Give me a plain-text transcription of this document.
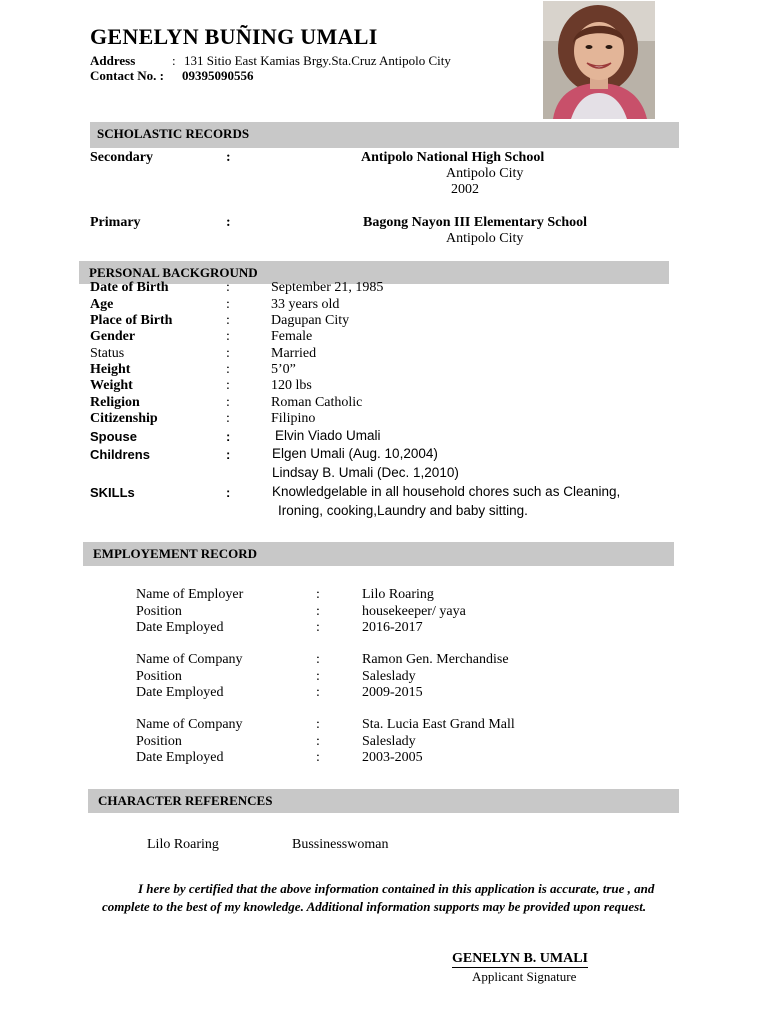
GENELYN BUÑING UMALI
Address	: 131 Sitio East Kamias Brgy.Sta.Cruz Antipolo City
Contact No. : 09395090556
SCHOLASTIC RECORDS
Secondary	:	Antipolo National High School
Antipolo City
2002
Primary	:	Bagong Nayon III Elementary School
Antipolo City
PERSONAL BACKGROUND
Date of Birth	:	September 21, 1985
Age	:	33 years old
Place of Birth	:	Dagupan City
Gender	:	Female
Status	:	Married
Height	:	5’0”
Weight	:	120 lbs
Religion	:	Roman Catholic
Citizenship	:	Filipino
Spouse	:	Elvin Viado Umali
Childrens	:	Elgen Umali (Aug. 10,2004)
Lindsay B. Umali (Dec. 1,2010)
SKILLs	:	Knowledgelable in all household chores such as Cleaning,
Ironing, cooking,Laundry and baby sitting.
EMPLOYEMENT RECORD
Name of Employer	:	Lilo Roaring
Position	:	housekeeper/ yaya
Date Employed	:	2016-2017
Name of Company	:	Ramon Gen. Merchandise
Position	:	Saleslady
Date Employed	:	2009-2015
Name of Company	:	Sta. Lucia East Grand Mall
Position	:	Saleslady
Date Employed	:	2003-2005
CHARACTER REFERENCES
Lilo Roaring	Bussinesswoman
I here by certified that the above information contained in this application is accurate, true , and complete to the best of my knowledge. Additional information supports may be provided upon request.
GENELYN B. UMALI
Applicant Signature
